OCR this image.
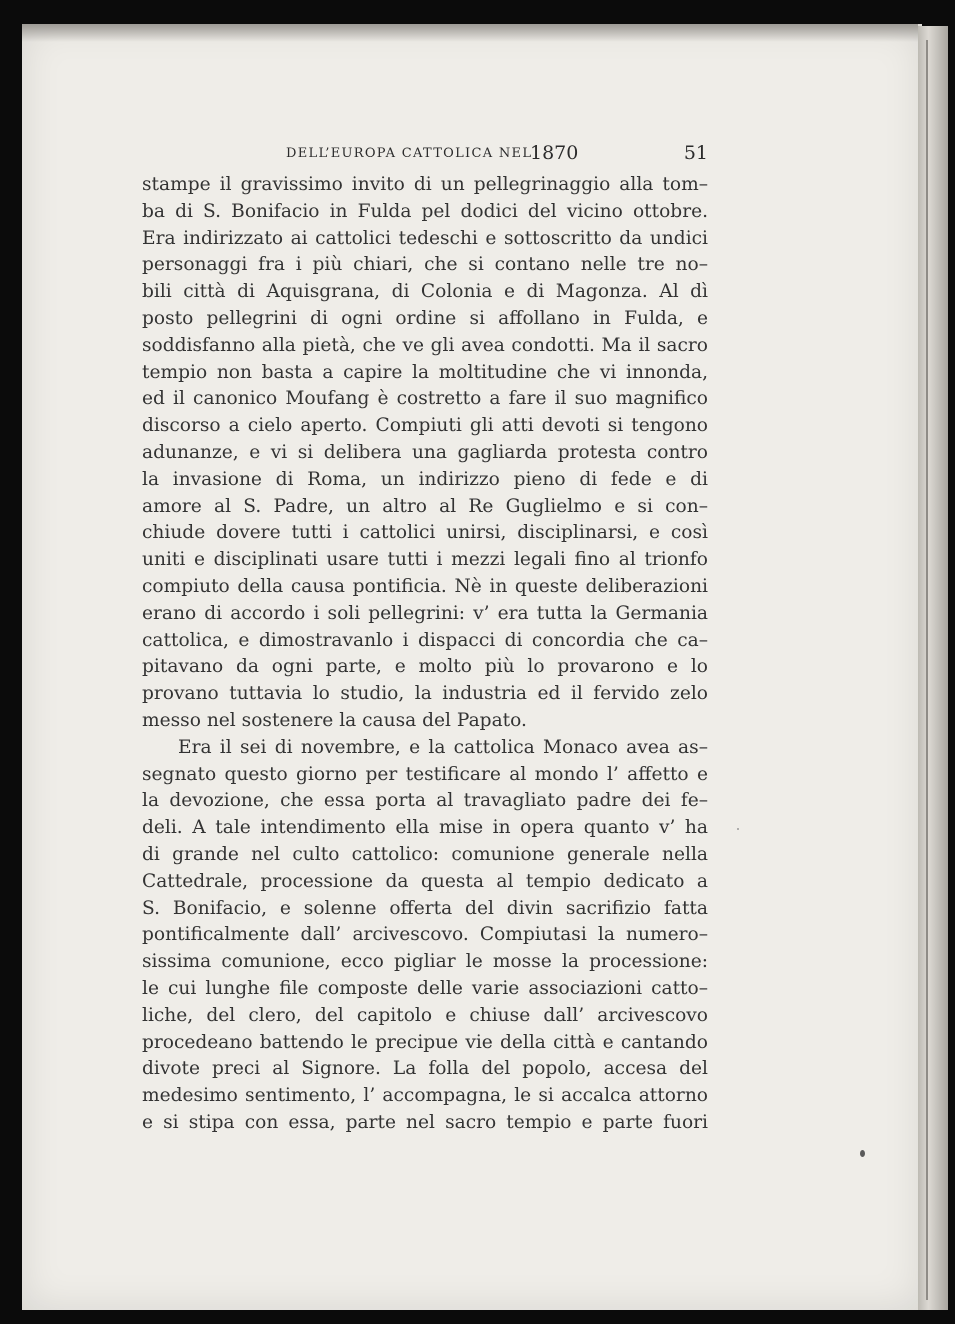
DELL’EUROPA CATTOLICA NEL
1870	51
stampe il gravissimo invito di un pellegrinaggio alla tom–
ba di S. Bonifacio in Fulda pel dodici del vicino ottobre.
Era indirizzato ai cattolici tedeschi e sottoscritto da undici
personaggi fra i più chiari, che si contano nelle tre no–
bili città di Aquisgrana, di Colonia e di Magonza. Al dì
posto pellegrini di ogni ordine si affollano in Fulda, e
soddisfanno alla pietà, che ve gli avea condotti. Ma il sacro
tempio non basta a capire la moltitudine che vi innonda,
ed il canonico Moufang è costretto a fare il suo magnifico
discorso a cielo aperto. Compiuti gli atti devoti si tengono
adunanze, e vi si delibera una gagliarda protesta contro
la invasione di Roma, un indirizzo pieno di fede e di
amore al S. Padre, un altro al Re Guglielmo e si con–
chiude dovere tutti i cattolici unirsi, disciplinarsi, e così
uniti e disciplinati usare tutti i mezzi legali fino al trionfo
compiuto della causa pontificia. Nè in queste deliberazioni
erano di accordo i soli pellegrini: v’ era tutta la Germania
cattolica, e dimostravanlo i dispacci di concordia che ca–
pitavano da ogni parte, e molto più lo provarono e lo
provano tuttavia lo studio, la industria ed il fervido zelo
messo nel sostenere la causa del Papato.
Era il sei di novembre, e la cattolica Monaco avea as–
segnato questo giorno per testificare al mondo l’ affetto e
la devozione, che essa porta al travagliato padre dei fe–
deli. A tale intendimento ella mise in opera quanto v’ ha
di grande nel culto cattolico: comunione generale nella
Cattedrale, processione da questa al tempio dedicato a
S. Bonifacio, e solenne offerta del divin sacrifizio fatta
pontificalmente dall’ arcivescovo. Compiutasi la numero–
sissima comunione, ecco pigliar le mosse la processione:
le cui lunghe file composte delle varie associazioni catto–
liche, del clero, del capitolo e chiuse dall’ arcivescovo
procedeano battendo le precipue vie della città e cantando
divote preci al Signore. La folla del popolo, accesa del
medesimo sentimento, l’ accompagna, le si accalca attorno
e si stipa con essa, parte nel sacro tempio e parte fuori
